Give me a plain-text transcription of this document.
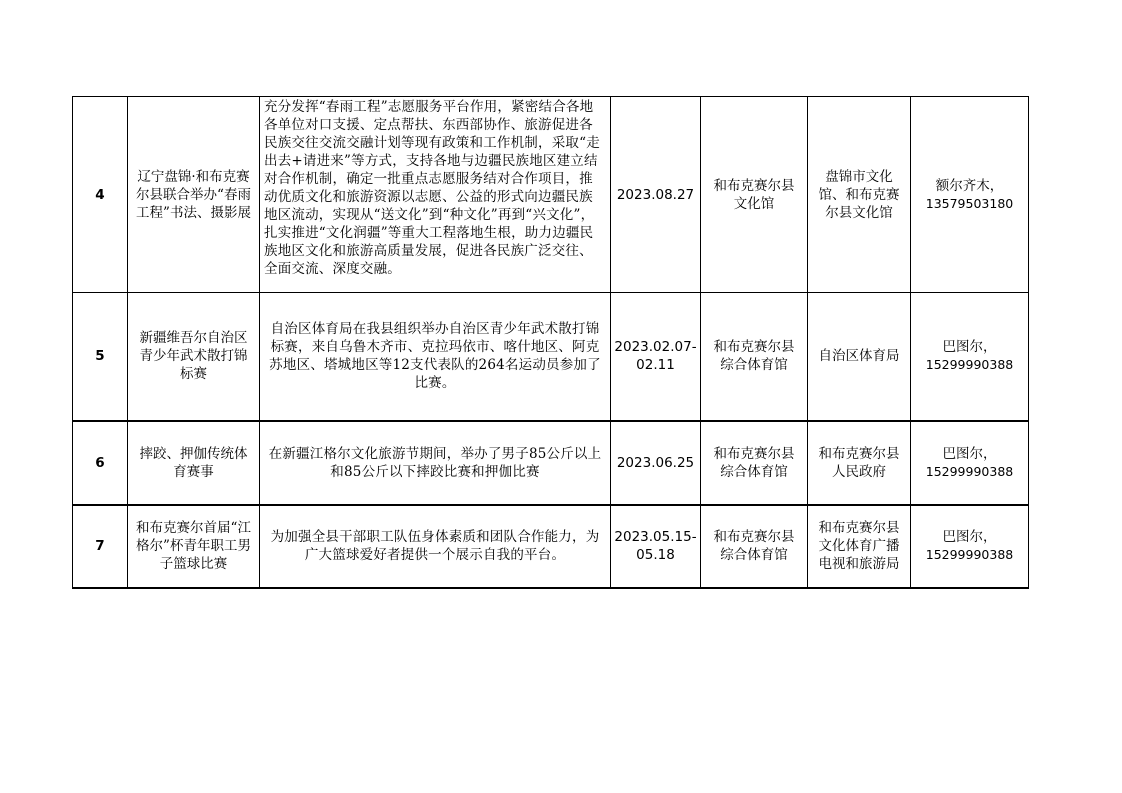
4	辽宁盘锦·和布克赛尔县联合举办“春雨工程”书法、摄影展	充分发挥“春雨工程”志愿服务平台作用，紧密结合各地各单位对口支援、定点帮扶、东西部协作、旅游促进各民族交往交流交融计划等现有政策和工作机制，采取“走出去+请进来”等方式，支持各地与边疆民族地区建立结对合作机制，确定一批重点志愿服务结对合作项目，推动优质文化和旅游资源以志愿、公益的形式向边疆民族地区流动，实现从“送文化”到“种文化”再到“兴文化”，扎实推进“文化润疆”等重大工程落地生根，助力边疆民族地区文化和旅游高质量发展，促进各民族广泛交往、全面交流、深度交融。	2023.08.27	和布克赛尔县文化馆	盘锦市文化馆、和布克赛尔县文化馆	额尔齐木，
13579503180

5	新疆维吾尔自治区青少年武术散打锦标赛	自治区体育局在我县组织举办自治区青少年武术散打锦标赛，来自乌鲁木齐市、克拉玛依市、喀什地区、阿克苏地区、塔城地区等12支代表队的264名运动员参加了比赛。	2023.02.07-02.11	和布克赛尔县综合体育馆	自治区体育局	巴图尔，
15299990388

6	摔跤、押伽传统体育赛事	在新疆江格尔文化旅游节期间，举办了男子85公斤以上和85公斤以下摔跤比赛和押伽比赛	2023.06.25	和布克赛尔县综合体育馆	和布克赛尔县人民政府	巴图尔，
15299990388

7	和布克赛尔首届“江格尔”杯青年职工男子篮球比赛	为加强全县干部职工队伍身体素质和团队合作能力，为广大篮球爱好者提供一个展示自我的平台。	2023.05.15-05.18	和布克赛尔县综合体育馆	和布克赛尔县文化体育广播电视和旅游局	巴图尔，
15299990388
